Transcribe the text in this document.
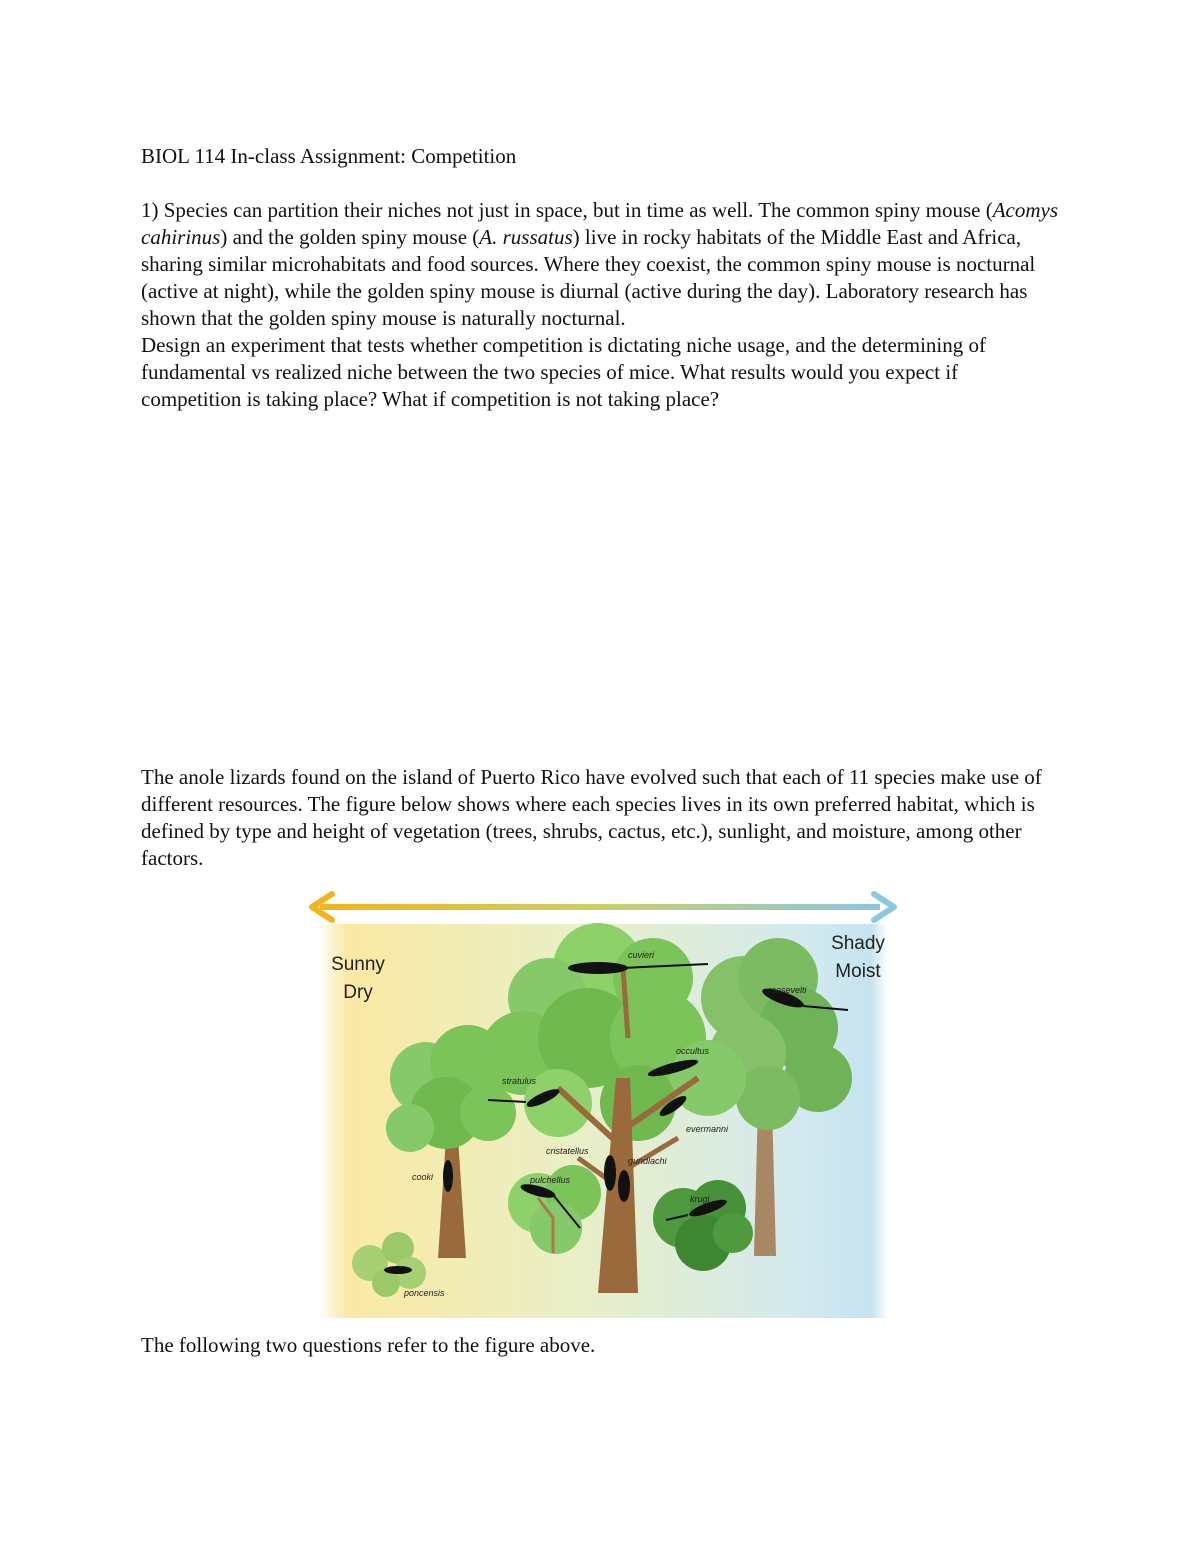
BIOL 114 In-class Assignment: Competition

1) Species can partition their niches not just in space, but in time as well. The common spiny mouse (Acomys cahirinus) and the golden spiny mouse (A. russatus) live in rocky habitats of the Middle East and Africa, sharing similar microhabitats and food sources. Where they coexist, the common spiny mouse is nocturnal (active at night), while the golden spiny mouse is diurnal (active during the day). Laboratory research has shown that the golden spiny mouse is naturally nocturnal.

Design an experiment that tests whether competition is dictating niche usage, and the determining of fundamental vs realized niche between the two species of mice. What results would you expect if competition is taking place? What if competition is not taking place?

The anole lizards found on the island of Puerto Rico have evolved such that each of 11 species make use of different resources. The figure below shows where each species lives in its own preferred habitat, which is defined by type and height of vegetation (trees, shrubs, cactus, etc.), sunlight, and moisture, among other factors.
Sunny
Dry
Shady
Moist
cuvieri
roosevelti
occultus
stratulus
evermanni
cristatellus
gundlachi
cooki	pulchellus
krugi
poncensis
The following two questions refer to the figure above.
